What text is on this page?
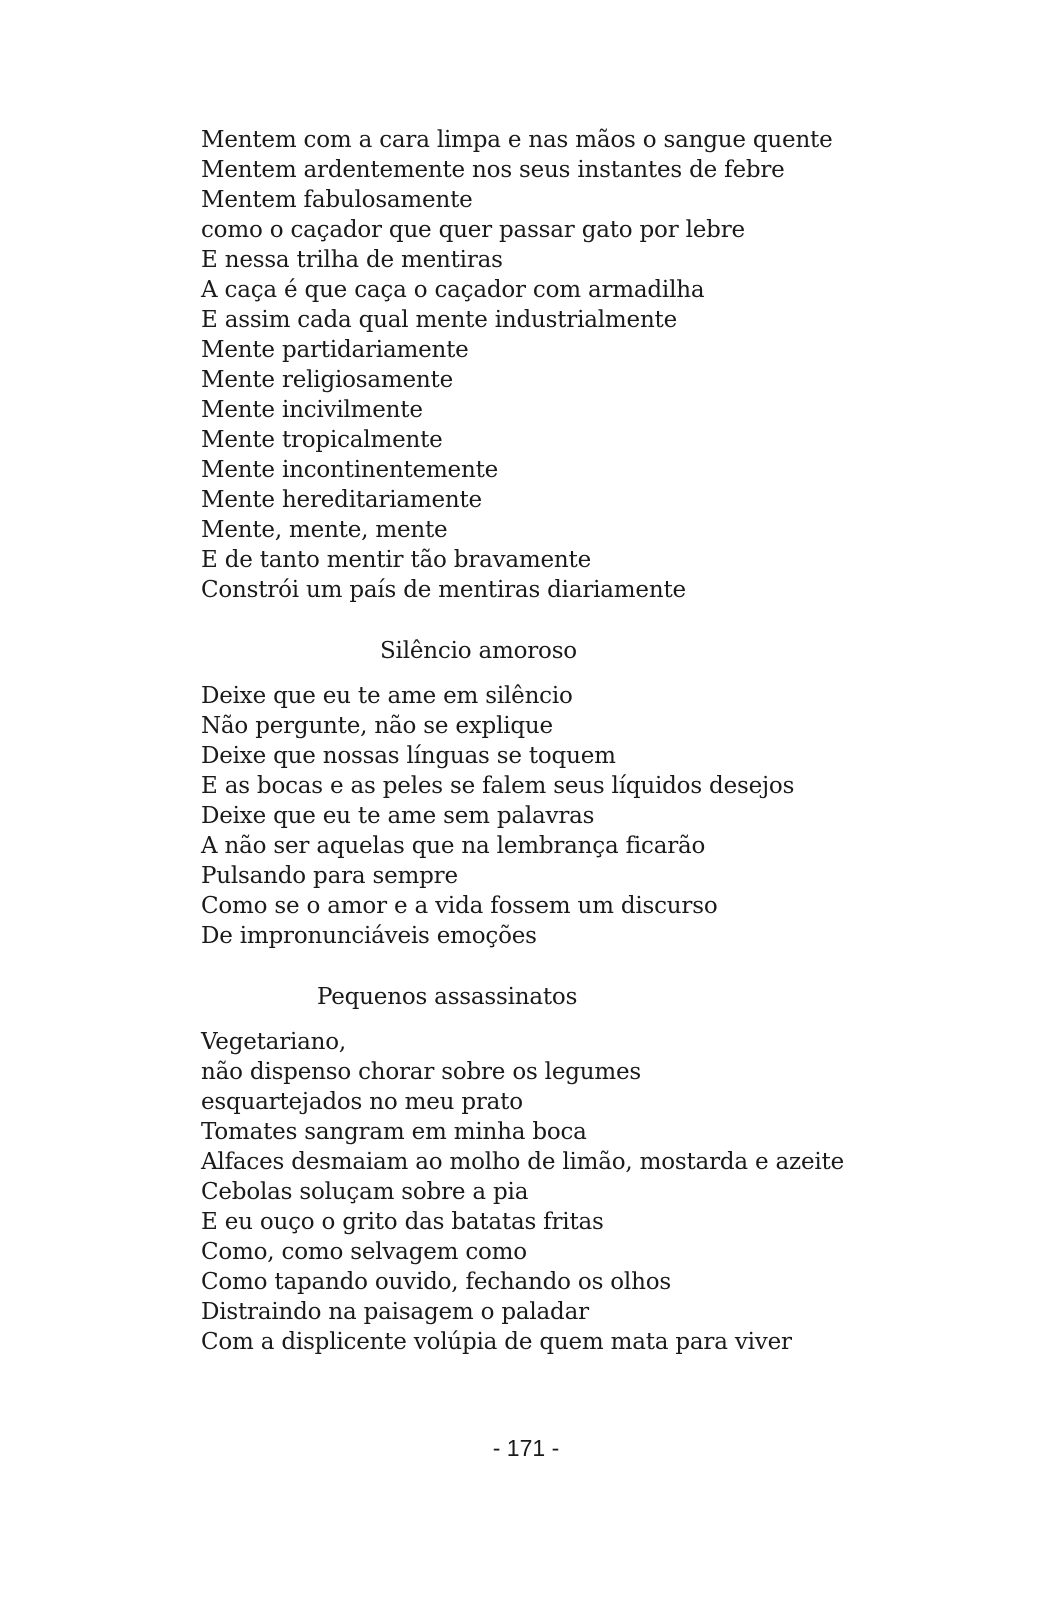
Mentem com a cara limpa e nas mãos o sangue quente
Mentem ardentemente nos seus instantes de febre
Mentem fabulosamente
como o caçador que quer passar gato por lebre
E nessa trilha de mentiras
A caça é que caça o caçador com armadilha
E assim cada qual mente industrialmente
Mente partidariamente
Mente religiosamente
Mente incivilmente
Mente tropicalmente
Mente incontinentemente
Mente hereditariamente
Mente, mente, mente
E de tanto mentir tão bravamente
Constrói um país de mentiras diariamente
Silêncio amoroso
Deixe que eu te ame em silêncio
Não pergunte, não se explique
Deixe que nossas línguas se toquem
E as bocas e as peles se falem seus líquidos desejos
Deixe que eu te ame sem palavras
A não ser aquelas que na lembrança ficarão
Pulsando para sempre
Como se o amor e a vida fossem um discurso
De impronunciáveis emoções
Pequenos assassinatos
Vegetariano,
não dispenso chorar sobre os legumes
esquartejados no meu prato
Tomates sangram em minha boca
Alfaces desmaiam ao molho de limão, mostarda e azeite
Cebolas soluçam sobre a pia
E eu ouço o grito das batatas fritas
Como, como selvagem como
Como tapando ouvido, fechando os olhos
Distraindo na paisagem o paladar
Com a displicente volúpia de quem mata para viver
- 171 -
